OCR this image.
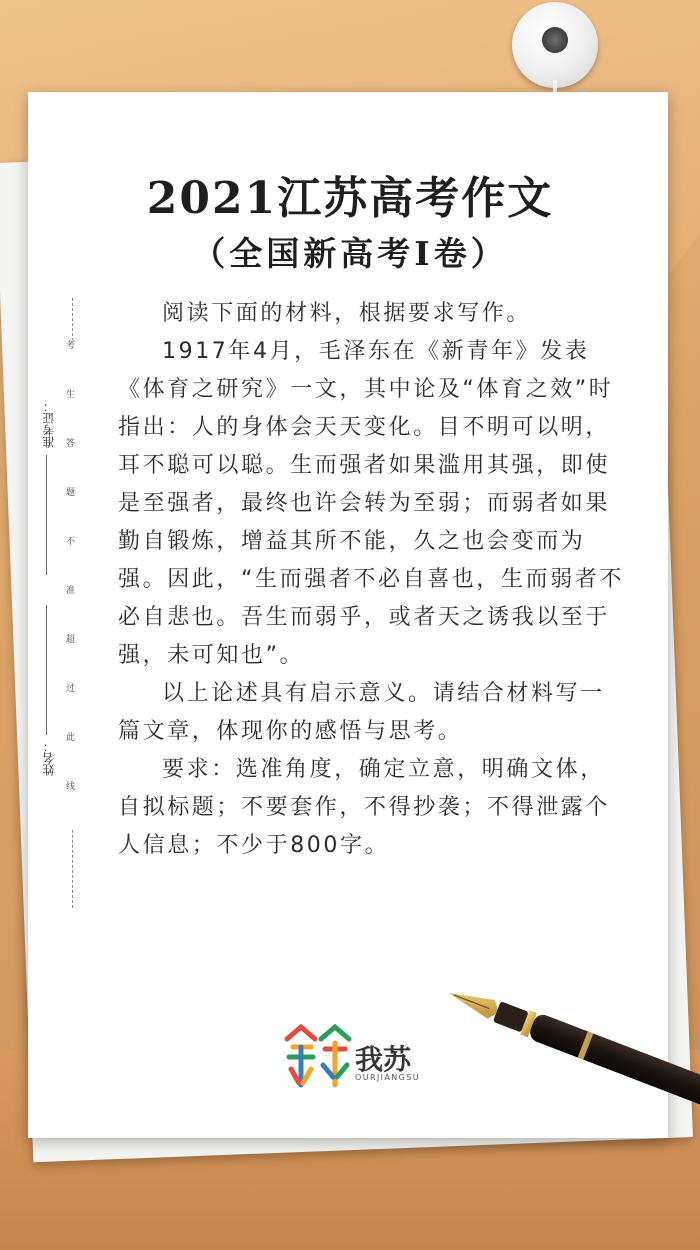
2021江苏高考作文
（全国新高考Ⅰ卷）
考生答题不准超过此线
准考证：
姓名：

阅读下面的材料，根据要求写作。

1917年4月，毛泽东在《新青年》发表《体育之研究》一文，其中论及“体育之效”时指出：人的身体会天天变化。目不明可以明，耳不聪可以聪。生而强者如果滥用其强，即使是至强者，最终也许会转为至弱；而弱者如果勤自锻炼，增益其所不能，久之也会变而为强。因此，“生而强者不必自喜也，生而弱者不必自悲也。吾生而弱乎，或者天之诱我以至于强，未可知也”。

以上论述具有启示意义。请结合材料写一篇文章，体现你的感悟与思考。

要求：选准角度，确定立意，明确文体，自拟标题；不要套作，不得抄袭；不得泄露个人信息；不少于800字。

我苏
OURJIANGSU
